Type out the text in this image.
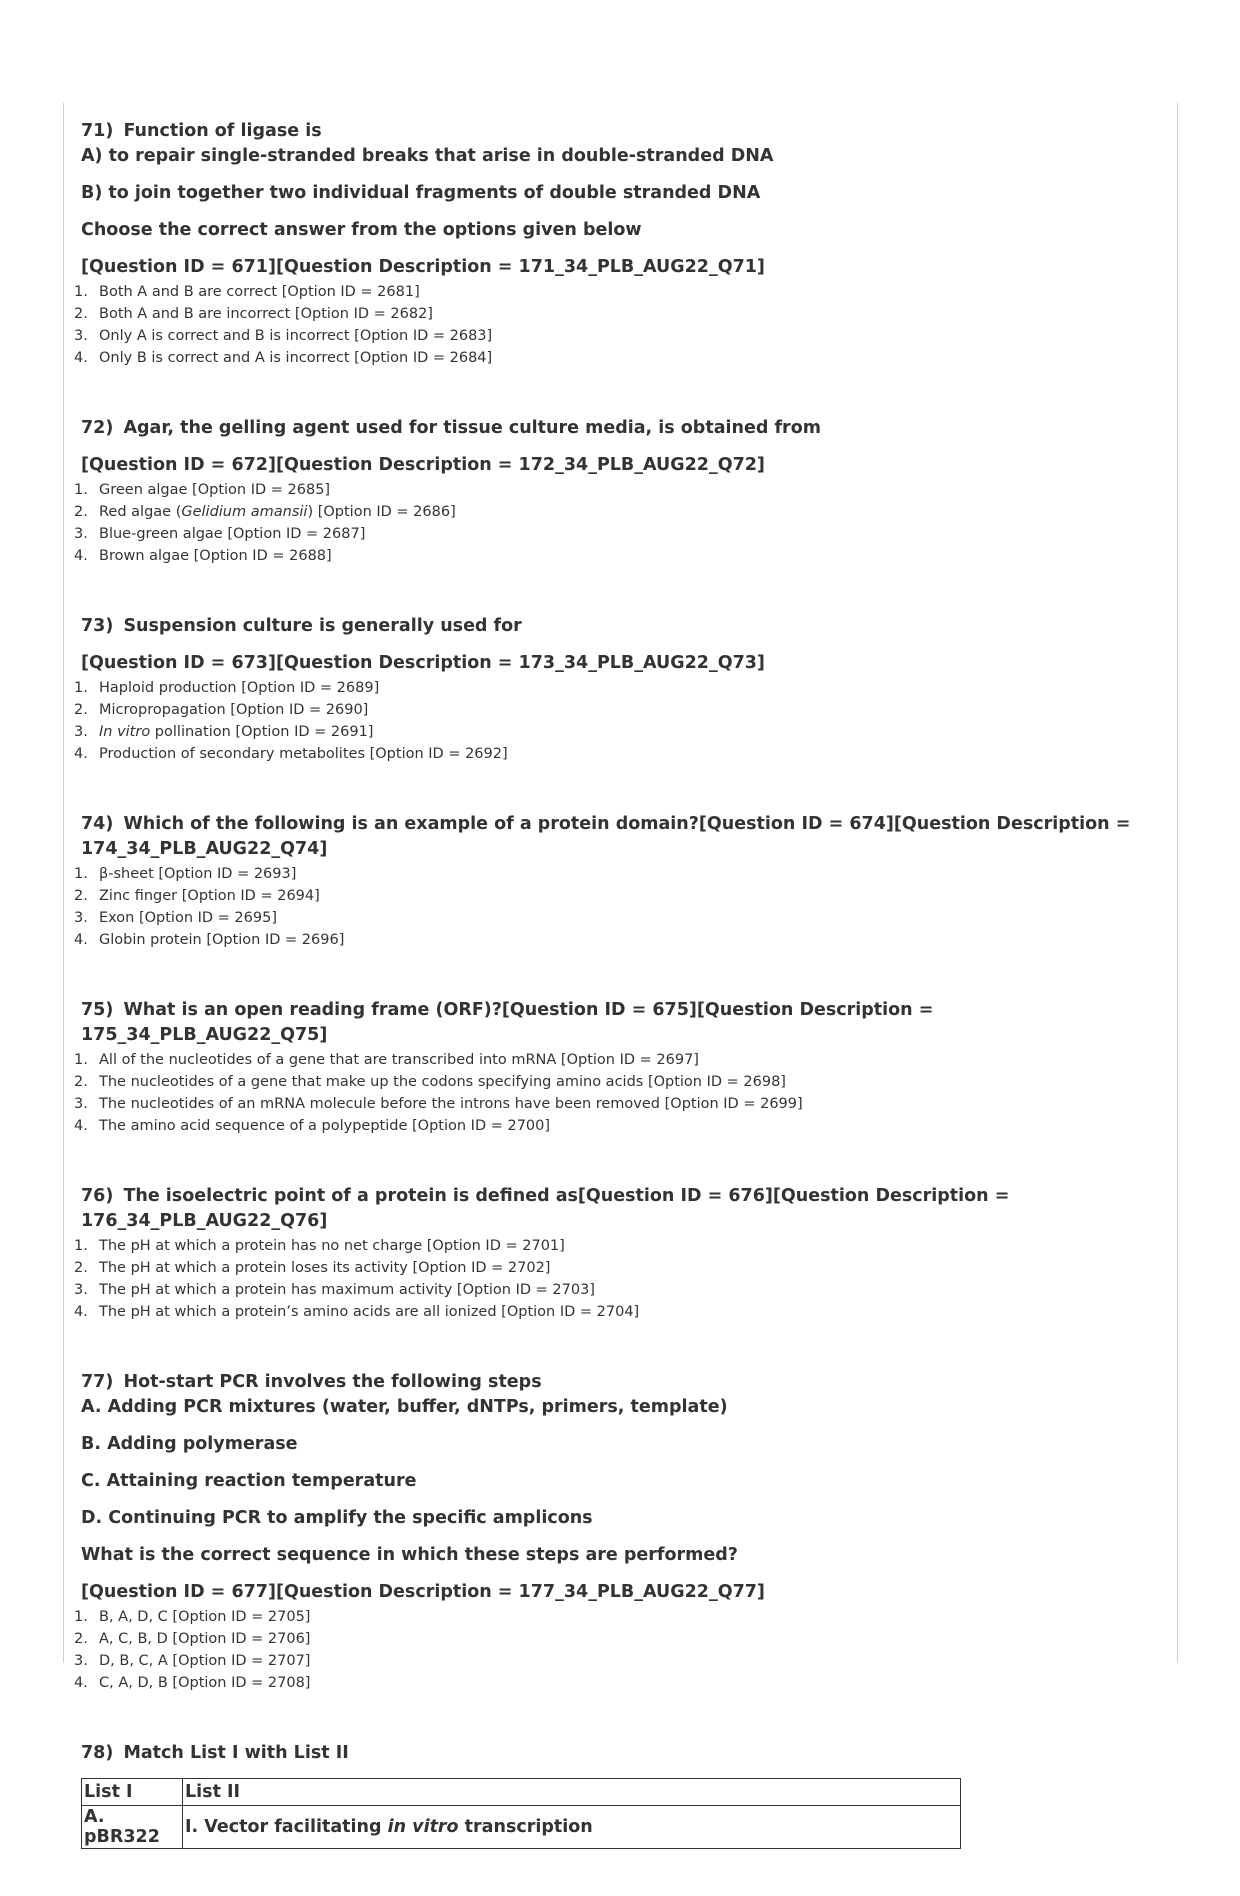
71) Function of ligase is
A) to repair single-stranded breaks that arise in double-stranded DNA
B) to join together two individual fragments of double stranded DNA
Choose the correct answer from the options given below
[Question ID = 671][Question Description = 171_34_PLB_AUG22_Q71]
1. Both A and B are correct [Option ID = 2681]
2. Both A and B are incorrect [Option ID = 2682]
3. Only A is correct and B is incorrect [Option ID = 2683]
4. Only B is correct and A is incorrect [Option ID = 2684]
72) Agar, the gelling agent used for tissue culture media, is obtained from
[Question ID = 672][Question Description = 172_34_PLB_AUG22_Q72]
1. Green algae [Option ID = 2685]
2. Red algae (Gelidium amansii) [Option ID = 2686]
3. Blue-green algae [Option ID = 2687]
4. Brown algae [Option ID = 2688]
73) Suspension culture is generally used for
[Question ID = 673][Question Description = 173_34_PLB_AUG22_Q73]
1. Haploid production [Option ID = 2689]
2. Micropropagation [Option ID = 2690]
3. In vitro pollination [Option ID = 2691]
4. Production of secondary metabolites [Option ID = 2692]
74) Which of the following is an example of a protein domain?[Question ID = 674][Question Description = 174_34_PLB_AUG22_Q74]
1. β-sheet [Option ID = 2693]
2. Zinc finger [Option ID = 2694]
3. Exon [Option ID = 2695]
4. Globin protein [Option ID = 2696]
75) What is an open reading frame (ORF)?[Question ID = 675][Question Description = 175_34_PLB_AUG22_Q75]
1. All of the nucleotides of a gene that are transcribed into mRNA [Option ID = 2697]
2. The nucleotides of a gene that make up the codons specifying amino acids [Option ID = 2698]
3. The nucleotides of an mRNA molecule before the introns have been removed [Option ID = 2699]
4. The amino acid sequence of a polypeptide [Option ID = 2700]
76) The isoelectric point of a protein is defined as[Question ID = 676][Question Description = 176_34_PLB_AUG22_Q76]
1. The pH at which a protein has no net charge [Option ID = 2701]
2. The pH at which a protein loses its activity [Option ID = 2702]
3. The pH at which a protein has maximum activity [Option ID = 2703]
4. The pH at which a protein’s amino acids are all ionized [Option ID = 2704]
77) Hot-start PCR involves the following steps
A. Adding PCR mixtures (water, buffer, dNTPs, primers, template)
B. Adding polymerase
C. Attaining reaction temperature
D. Continuing PCR to amplify the specific amplicons
What is the correct sequence in which these steps are performed?
[Question ID = 677][Question Description = 177_34_PLB_AUG22_Q77]
1. B, A, D, C [Option ID = 2705]
2. A, C, B, D [Option ID = 2706]
3. D, B, C, A [Option ID = 2707]
4. C, A, D, B [Option ID = 2708]
78) Match List I with List II
List I	List II
A. pBR322	I. Vector facilitating in vitro transcription
